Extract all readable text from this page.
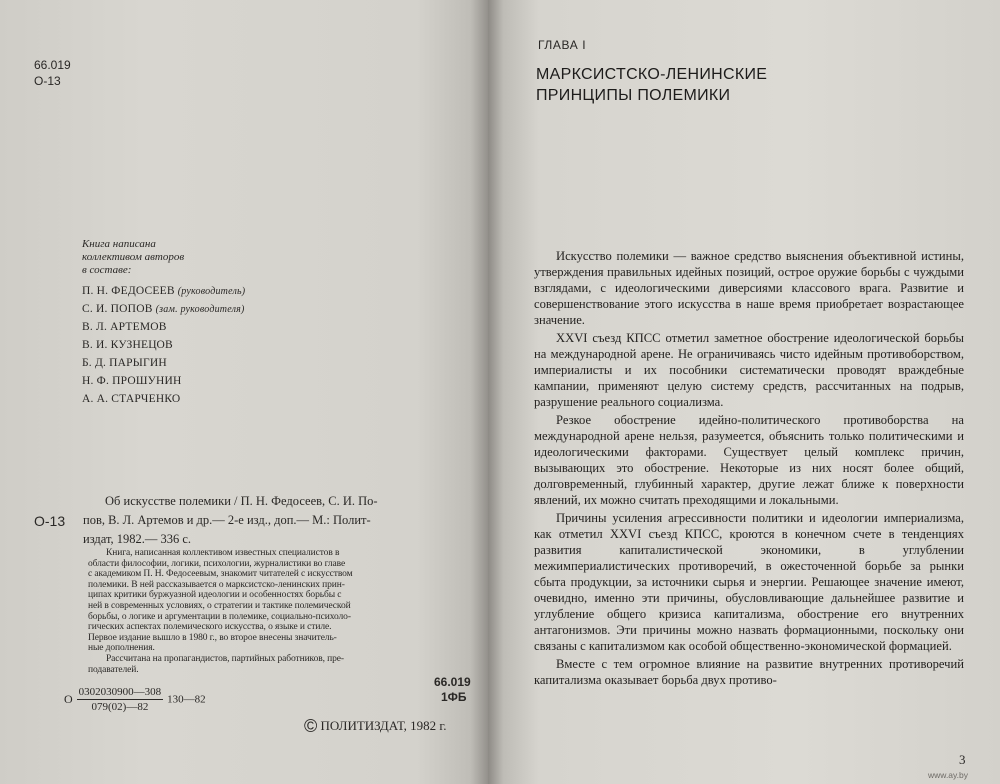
66.019
О-13
Книга написана
коллективом авторов
в составе:
П. Н. ФЕДОСЕЕВ (руководитель)
С. И. ПОПОВ (зам. руководителя)
В. Л. АРТЕМОВ
В. И. КУЗНЕЦОВ
Б. Д. ПАРЫГИН
Н. Ф. ПРОШУНИН
А. А. СТАРЧЕНКО
О-13
Об искусстве полемики / П. Н. Федосеев, С. И. По-
пов, В. Л. Артемов и др.— 2-е изд., доп.— М.: Полит-
издат, 1982.— 336 с.
Книга, написанная коллективом известных специалистов в
области философии, логики, психологии, журналистики во главе
с академиком П. Н. Федосеевым, знакомит читателей с искусством
полемики. В ней рассказывается о марксистско-ленинских прин-
ципах критики буржуазной идеологии и особенностях борьбы с
ней в современных условиях, о стратегии и тактике полемической
борьбы, о логике и аргументации в полемике, социально-психоло-
гических аспектах полемического искусства, о языке и стиле.
Первое издание вышло в 1980 г., во второе внесены значитель-
ные дополнения.
Рассчитана на пропагандистов, партийных работников, пре-
подавателей.
66.019
1ФБ
О $\frac{0302030900—308}{079(02)—82}$ 130—82
© ПОЛИТИЗДАТ, 1982 г.
ГЛАВА I
МАРКСИСТСКО-ЛЕНИНСКИЕ
ПРИНЦИПЫ ПОЛЕМИКИ

Искусство полемики — важное средство выяснения объективной истины, утверждения правильных идейных позиций, острое оружие борьбы с чуждыми взглядами, с идеологическими диверсиями классового врага. Развитие и совершенствование этого искусства в наше время приобретает возрастающее значение.

XXVI съезд КПСС отметил заметное обострение идеологической борьбы на международной арене. Не ограничиваясь чисто идейным противоборством, империалисты и их пособники систематически проводят враждебные кампании, применяют целую систему средств, рассчитанных на подрыв, разрушение реального социализма.

Резкое обострение идейно-политического противоборства на международной арене нельзя, разумеется, объяснить только политическими и идеологическими факторами. Существует целый комплекс причин, вызывающих это обострение. Некоторые из них носят более общий, долговременный, глубинный характер, другие лежат ближе к поверхности явлений, их можно считать преходящими и локальными.

Причины усиления агрессивности политики и идеологии империализма, как отметил XXVI съезд КПСС, кроются в конечном счете в тенденциях развития капиталистической экономики, в углублении межимпериалистических противоречий, в ожесточенной борьбе за рынки сбыта продукции, за источники сырья и энергии. Решающее значение имеют, очевидно, именно эти причины, обусловливающие дальнейшее развитие и углубление общего кризиса капитализма, обострение его внутренних антагонизмов. Эти причины можно назвать формационными, поскольку они связаны с капитализмом как особой общественно-экономической формацией.

Вместе с тем огромное влияние на развитие внутренних противоречий капитализма оказывает борьба двух противо-

3
www.ay.by
